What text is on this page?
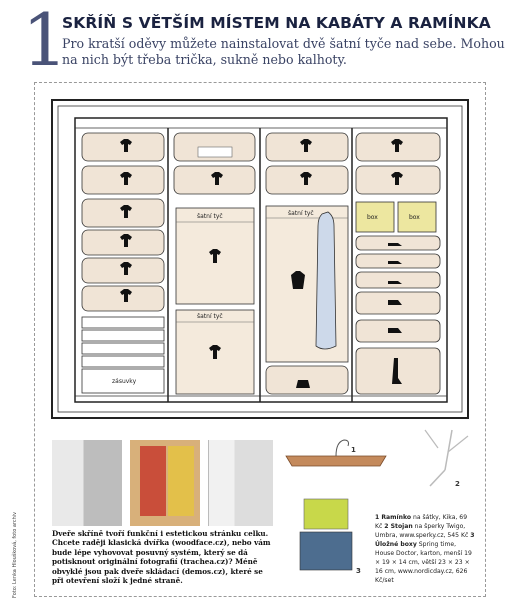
1
SKŘÍŇ S VĚTŠÍM MÍSTEM NA KABÁTY A RAMÍNKA
Pro kratší oděvy můžete nainstalovat dvě šatní tyče nad sebe. Mohou na nich být třeba trička, sukně nebo kalhoty.
Foto: Lenka Hloušková, foto archiv
šatní tyč
šatní tyč
šatní tyč
box	box
zásuvky
Dveře skříně tvoří funkční i estetickou stránku celku. Chcete raději klasická dvířka (woodface.cz), nebo vám bude lépe vyhovovat posuvný systém, který se dá potisknout originální fotografií (trachea.cz)? Méně obvyklé jsou pak dveře skládací (demos.cz), které se při otevření složí k jedné straně.
1
2
3
1 Ramínko na šátky, Kika, 69 Kč 2 Stojan na šperky Twigo, Umbra, www.sperky.cz, 545 Kč 3 Úložné boxy Spring time, House Doctor, karton, menší 19 × 19 × 14 cm, větší 23 × 23 × 16 cm, www.nordicday.cz, 626 Kč/set
